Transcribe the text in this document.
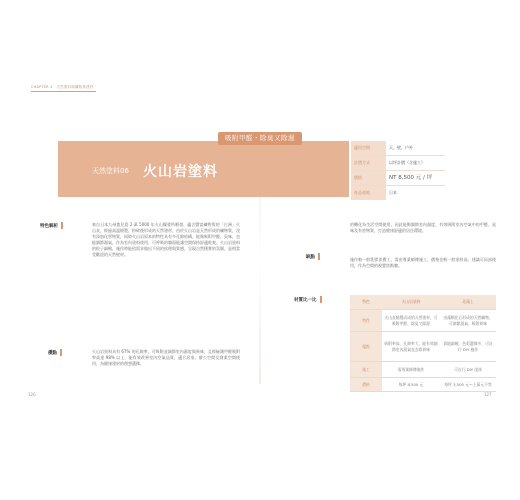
CHAPTER 4 · 天然塗料與礦物系建材
吸附甲醛・除臭又除濕
天然塗料06 火山岩塗料
適用空間	天、壁、戶外
計價方式	以坪計價（含施工）
價格	NT 8,500 元 / 坪
產品產地	日本
特色解析	來自日本九州鹿兒島 2 萬 5000 年火山爆發所噴發、蘊含豐富礦物質的「白洲」火山灰，經過高溫燒製、粉碎後形成的天然建材，由於火山岩是天然形成的礦物質，沒有添加化學物質，同時火山岩原本的特性具有多孔隙結構，能夠吸附甲醛、臭味，也能調節濕氣，作為室內塗料使用，可呼吸的牆面能讓空間保持舒適乾爽。火山岩塗料的粒子細緻，施作時能依需求做出不同的紋理與質感，呈現自然樸實的氛圍，是相當受歡迎的天然壁材。
優點	火山岩塗料具有 67% 的孔隙率，可吸附並調節室內濕度與異味，且經檢測甲醛吸附率高達 98% 以上，能有效改善室內空氣品質，適合居家、辦公空間及商業空間使用，為健康建材的理想選擇。
126
的轉化為生活空間使用，因此能夠調節室內濕度，有效吸附室內空氣中的甲醛、臭味及有害物質，打造健康舒適的居住環境。
缺點	施作較一般乳膠漆費工，需由專業師傅施工，價格也較一般塗料高，建議可局部使用，作為空間的視覺焦點牆。
材質比一比	特色	火山岩塗料	珪藻土
特性	火山灰燒製而成的天然建材，可吸附甲醛、除臭又除濕	由藻類化石形成的天然礦物，可調節濕氣、吸附異味
優點	吸附率高、孔隙率大，能有效調節室內濕氣並去除異味	質地細緻、色彩選擇多，可自行 DIY 施作
施工	需專業師傅施作	可自行 DIY 塗抹
價格	每坪 8,500 元	每坪 3,500 元～上萬元不等
127
